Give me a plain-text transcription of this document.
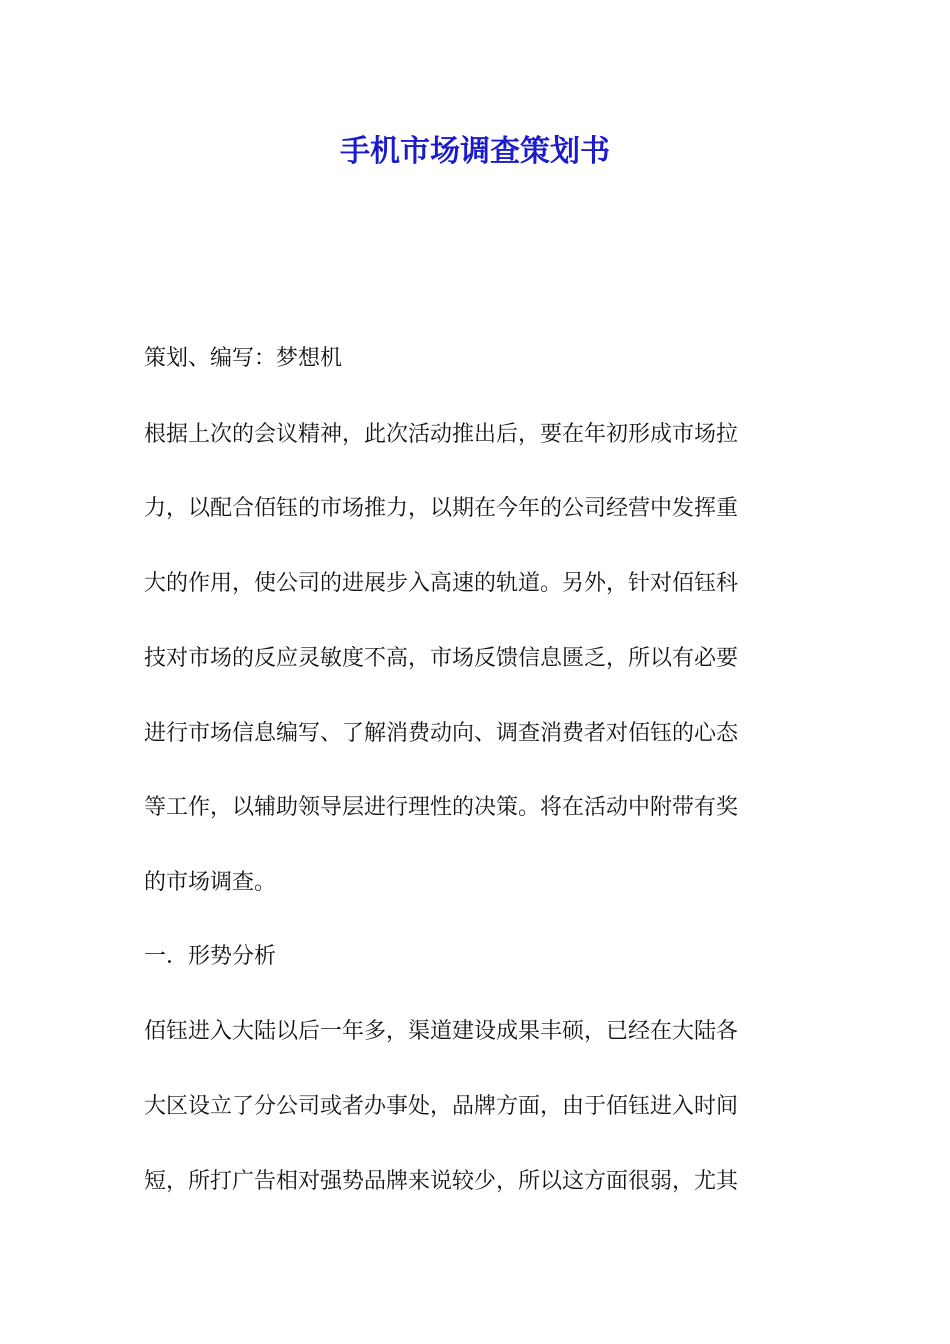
手机市场调查策划书

策划、编写：梦想机

根据上次的会议精神，此次活动推出后，要在年初形成市场拉

力，以配合佰钰的市场推力，以期在今年的公司经营中发挥重

大的作用，使公司的进展步入高速的轨道。另外，针对佰钰科

技对市场的反应灵敏度不高，市场反馈信息匮乏，所以有必要

进行市场信息编写、了解消费动向、调查消费者对佰钰的心态

等工作，以辅助领导层进行理性的决策。将在活动中附带有奖

的市场调查。

一．形势分析

佰钰进入大陆以后一年多，渠道建设成果丰硕，已经在大陆各

大区设立了分公司或者办事处，品牌方面，由于佰钰进入时间

短，所打广告相对强势品牌来说较少，所以这方面很弱，尤其
